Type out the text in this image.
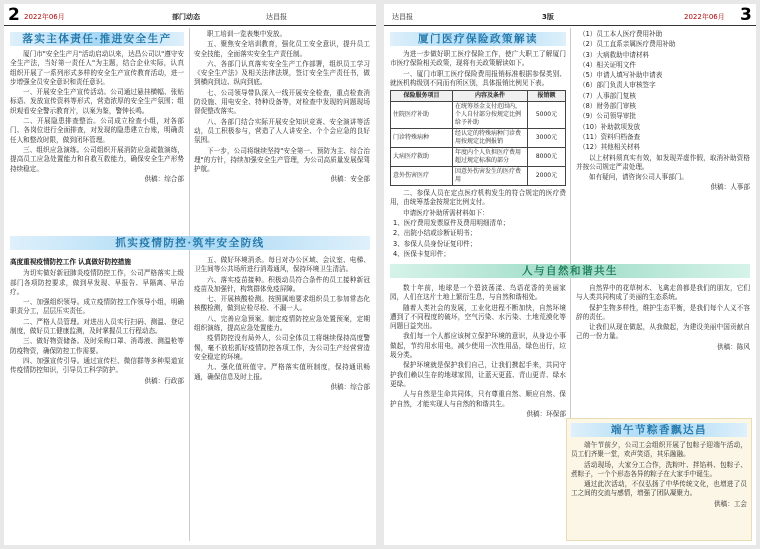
2 2022年06月	部门动态	达昌报
落实主体责任·推进安全生产

厦门市"安全生产月"活动启动以来，达昌公司以"遵守安全生产法，当好第一责任人"为主题，结合企业实际，认真组织开展了一系列形式多样的安全生产宣传教育活动，进一步增强全员安全意识和责任意识。

一、开展安全生产宣传活动。公司通过悬挂横幅、张贴标语、发放宣传资料等形式，营造浓厚的安全生产氛围；组织观看安全警示教育片，以案为鉴，警钟长鸣。

二、开展隐患排查整治。公司成立检查小组，对各部门、各岗位进行全面排查，对发现的隐患建立台账，明确责任人和整改时限，做到闭环管理。

三、组织应急演练。公司组织开展消防应急疏散演练，提高员工应急处置能力和自救互救能力，确保安全生产形势持续稳定。

供稿：综合部

职工培训一览表集中发放。

五、聚焦安全培训教育，强化员工安全意识，提升员工安全技能，全面落实安全生产责任制。

六、各部门认真落实安全生产工作部署，组织员工学习《安全生产法》及相关法律法规，签订安全生产责任书，做到横向到边、纵向到底。

七、公司领导带队深入一线开展安全检查，重点检查消防设施、用电安全、特种设备等，对检查中发现的问题现场督促整改落实。

八、各部门结合实际开展安全知识竞赛、安全演讲等活动，员工积极参与，营造了人人讲安全、个个会应急的良好氛围。

下一步，公司将继续坚持"安全第一、预防为主、综合治理"的方针，持续加强安全生产管理，为公司高质量发展保驾护航。

供稿：安全部
抓实疫情防控·筑牢安全防线
高度重视疫情防控工作 认真做好防控措施

为切实做好新冠肺炎疫情防控工作，公司严格落实上级部门各项防控要求，做到早发现、早报告、早隔离、早治疗。

一、加强组织领导。成立疫情防控工作领导小组，明确职责分工，层层压实责任。

二、严格人员管理。对进出人员实行扫码、测温、登记制度，做好员工健康监测，及时掌握员工行程动态。

三、做好物资储备。及时采购口罩、消毒液、测温枪等防疫物资，确保防控工作需要。

四、加强宣传引导。通过宣传栏、微信群等多种渠道宣传疫情防控知识，引导员工科学防护。

供稿：行政部

五、做好环境消杀。每日对办公区域、会议室、电梯、卫生间等公共场所进行消毒通风，保持环境卫生清洁。

六、落实疫苗接种。积极动员符合条件的员工接种新冠疫苗及加强针，构筑群体免疫屏障。

七、开展核酸检测。按照属地要求组织员工参加常态化核酸检测，做到应检尽检、不漏一人。

八、完善应急预案。制定疫情防控应急处置预案，定期组织演练，提高应急处置能力。

疫情防控没有局外人，公司全体员工将继续保持高度警惕，毫不放松抓好疫情防控各项工作，为公司生产经营营造安全稳定的环境。

九、强化值班值守。严格落实值班制度，保持通讯畅通，确保信息及时上报。

供稿：综合部
达昌报	3版	2022年06月 3
厦门医疗保险政策解读

为进一步做好职工医疗保险工作，使广大职工了解厦门市医疗保险相关政策，现将有关政策解读如下。

一、厦门市职工医疗保险费用报销标准根据参保类别、就医机构级别不同而有所区别，具体报销比例见下表。

保险服务项目	内容及条件	报销额
住院医疗补助	在统筹基金支付范围内，个人自付部分按规定比例给予补助	5000元
门诊特殊病种	经认定的特殊病种门诊费用按规定比例报销	3000元
大病医疗救助	年度内个人负担医疗费用超过规定标准的部分	8000元
意外伤害医疗	因意外伤害发生的医疗费用	2000元

二、参保人员在定点医疗机构发生的符合规定的医疗费用，由统筹基金按规定比例支付。

申请医疗补助所需材料如下：

1、医疗费用发票原件及费用明细清单；

2、出院小结或诊断证明书；

3、参保人员身份证复印件；

4、医保卡复印件；

（1）员工本人医疗费用补助

（2）员工直系亲属医疗费用补助

（3）大病救助申请材料

（4）相关证明文件

（5）申请人填写补助申请表

（6）部门负责人审核签字

（7）人事部门复核

（8）财务部门审核

（9）公司领导审批

（10）补助款项发放

（11）资料归档备查

（12）其他相关材料

以上材料须真实有效，如发现弄虚作假，取消补助资格并按公司规定严肃处理。

如有疑问，请咨询公司人事部门。

供稿：人事部
人与自然和谐共生

数十年前，地球是一个碧波荡漾、鸟语花香的美丽家园，人们在这片土地上繁衍生息，与自然和谐相处。

随着人类社会的发展，工业化进程不断加快，自然环境遭到了不同程度的破坏，空气污染、水污染、土地荒漠化等问题日益突出。

我们每一个人都应该树立保护环境的意识，从身边小事做起，节约用水用电，减少使用一次性用品，绿色出行，垃圾分类。

保护环境就是保护我们自己，让我们携起手来，共同守护我们赖以生存的地球家园，让蓝天更蓝、青山更青、绿水更绿。

人与自然是生命共同体，只有尊重自然、顺应自然、保护自然，才能实现人与自然的和谐共生。

供稿：环保部

自然界中的花草树木、飞禽走兽都是我们的朋友，它们与人类共同构成了美丽的生态系统。

保护生物多样性，维护生态平衡，是我们每个人义不容辞的责任。

让我们从现在做起，从我做起，为建设美丽中国贡献自己的一份力量。

供稿：陈风
端午节粽香飘达昌

端午节前夕，公司工会组织开展了包粽子迎端午活动，员工们齐聚一堂，欢声笑语，其乐融融。

活动现场，大家分工合作，洗粽叶、拌馅料、包粽子、煮粽子，一个个形态各异的粽子在大家手中诞生。

通过此次活动，不仅弘扬了中华传统文化，也增进了员工之间的交流与感情，增强了团队凝聚力。

供稿：工会
